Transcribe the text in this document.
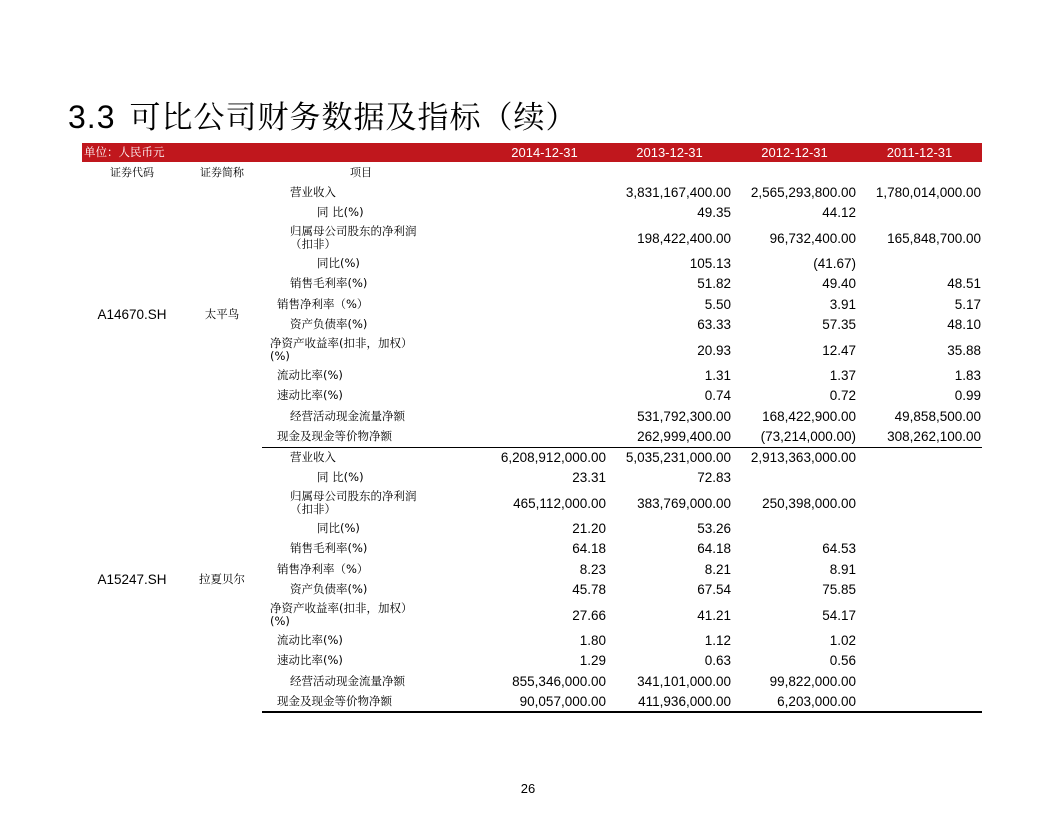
3.3 可比公司财务数据及指标（续）
单位：人民币元			2014-12-31	2013-12-31	2012-12-31	2011-12-31
证券代码	证券简称	项目				
A14670.SH	太平鸟	营业收入		3,831,167,400.00	2,565,293,800.00	1,780,014,000.00
		同 比(%)		49.35	44.12	
		归属母公司股东的净利润（扣非）		198,422,400.00	96,732,400.00	165,848,700.00
		同比(%)		105.13	(41.67)	
		销售毛利率(%)		51.82	49.40	48.51
		销售净利率（%）		5.50	3.91	5.17
		资产负债率(%)		63.33	57.35	48.10
		净资产收益率(扣非，加权）(%)		20.93	12.47	35.88
		流动比率(%)		1.31	1.37	1.83
		速动比率(%)		0.74	0.72	0.99
		经营活动现金流量净额		531,792,300.00	168,422,900.00	49,858,500.00
		现金及现金等价物净额		262,999,400.00	(73,214,000.00)	308,262,100.00
A15247.SH	拉夏贝尔	营业收入	6,208,912,000.00	5,035,231,000.00	2,913,363,000.00	
		同 比(%)	23.31	72.83		
		归属母公司股东的净利润（扣非）	465,112,000.00	383,769,000.00	250,398,000.00	
		同比(%)	21.20	53.26		
		销售毛利率(%)	64.18	64.18	64.53	
		销售净利率（%）	8.23	8.21	8.91	
		资产负债率(%)	45.78	67.54	75.85	
		净资产收益率(扣非，加权）(%)	27.66	41.21	54.17	
		流动比率(%)	1.80	1.12	1.02	
		速动比率(%)	1.29	0.63	0.56	
		经营活动现金流量净额	855,346,000.00	341,101,000.00	99,822,000.00	
		现金及现金等价物净额	90,057,000.00	411,936,000.00	6,203,000.00	
26
